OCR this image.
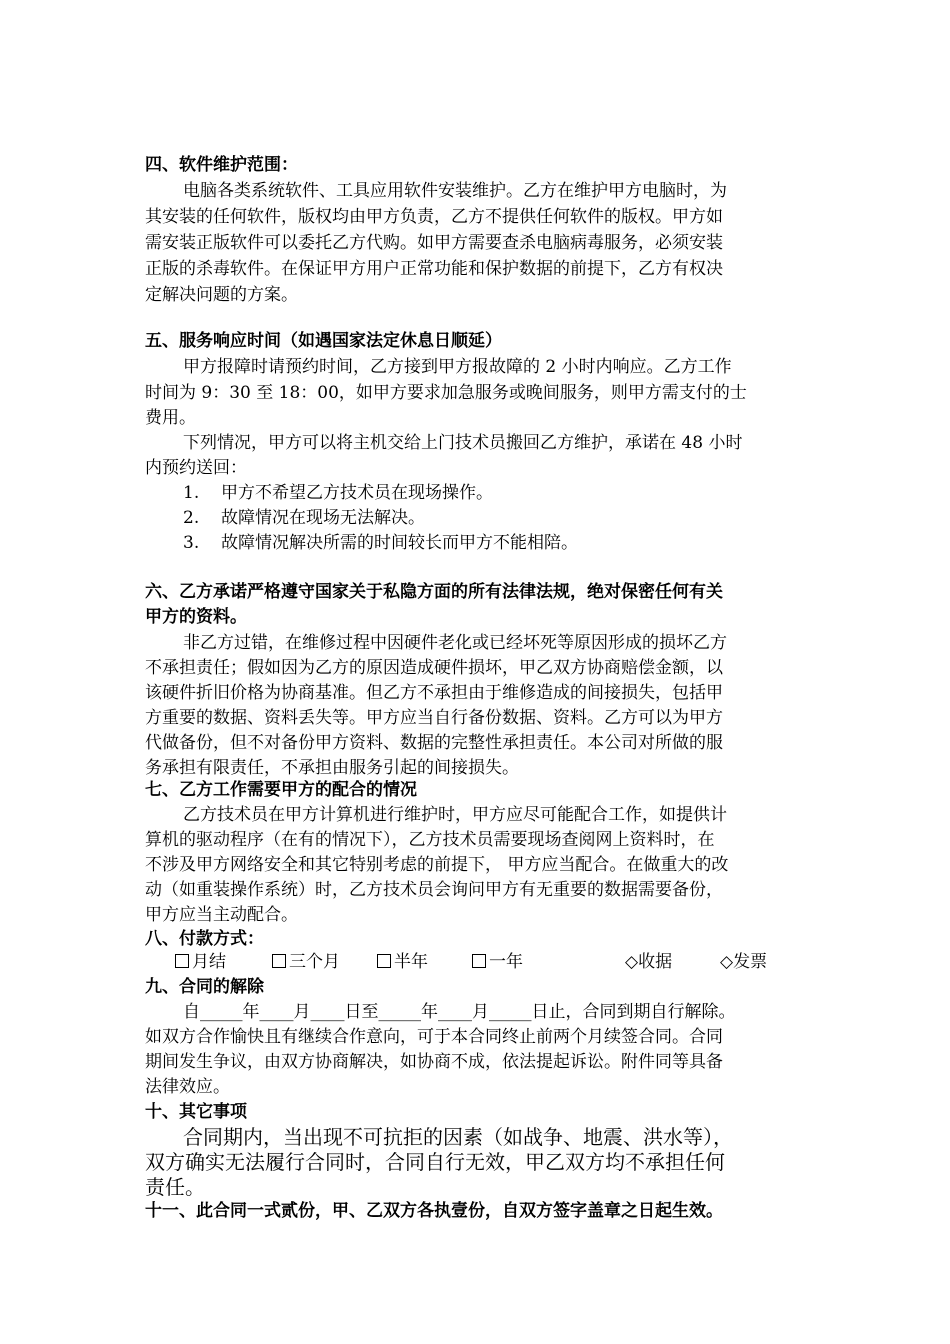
四、软件维护范围：
电脑各类系统软件、工具应用软件安装维护。乙方在维护甲方电脑时，为
其安装的任何软件，版权均由甲方负责，乙方不提供任何软件的版权。甲方如
需安装正版软件可以委托乙方代购。如甲方需要查杀电脑病毒服务，必须安装
正版的杀毒软件。在保证甲方用户正常功能和保护数据的前提下，乙方有权决
定解决问题的方案。
五、服务响应时间（如遇国家法定休息日顺延）
甲方报障时请预约时间，乙方接到甲方报故障的 2 小时内响应。乙方工作
时间为 9：30 至 18：00，如甲方要求加急服务或晚间服务，则甲方需支付的士
费用。
下列情况，甲方可以将主机交给上门技术员搬回乙方维护，承诺在 48 小时
内预约送回：
1. 甲方不希望乙方技术员在现场操作。
2. 故障情况在现场无法解决。
3. 故障情况解决所需的时间较长而甲方不能相陪。
六、乙方承诺严格遵守国家关于私隐方面的所有法律法规，绝对保密任何有关
甲方的资料。
非乙方过错，在维修过程中因硬件老化或已经坏死等原因形成的损坏乙方
不承担责任；假如因为乙方的原因造成硬件损坏，甲乙双方协商赔偿金额，以
该硬件折旧价格为协商基准。但乙方不承担由于维修造成的间接损失，包括甲
方重要的数据、资料丢失等。甲方应当自行备份数据、资料。乙方可以为甲方
代做备份，但不对备份甲方资料、数据的完整性承担责任。本公司对所做的服
务承担有限责任，不承担由服务引起的间接损失。
七、乙方工作需要甲方的配合的情况
乙方技术员在甲方计算机进行维护时，甲方应尽可能配合工作，如提供计
算机的驱动程序（在有的情况下），乙方技术员需要现场查阅网上资料时，在
不涉及甲方网络安全和其它特别考虑的前提下， 甲方应当配合。在做重大的改
动（如重装操作系统）时，乙方技术员会询问甲方有无重要的数据需要备份，
甲方应当主动配合。
八、付款方式：
月结	三个月	半年	一年	◇收据	◇发票
九、合同的解除
自_____年____月____日至_____年____月_____日止，合同到期自行解除。
如双方合作愉快且有继续合作意向，可于本合同终止前两个月续签合同。合同
期间发生争议，由双方协商解决，如协商不成，依法提起诉讼。附件同等具备
法律效应。
十、其它事项
合同期内，当出现不可抗拒的因素（如战争、地震、洪水等），
双方确实无法履行合同时，合同自行无效，甲乙双方均不承担任何
责任。
十一、此合同一式贰份，甲、乙双方各执壹份，自双方签字盖章之日起生效。
